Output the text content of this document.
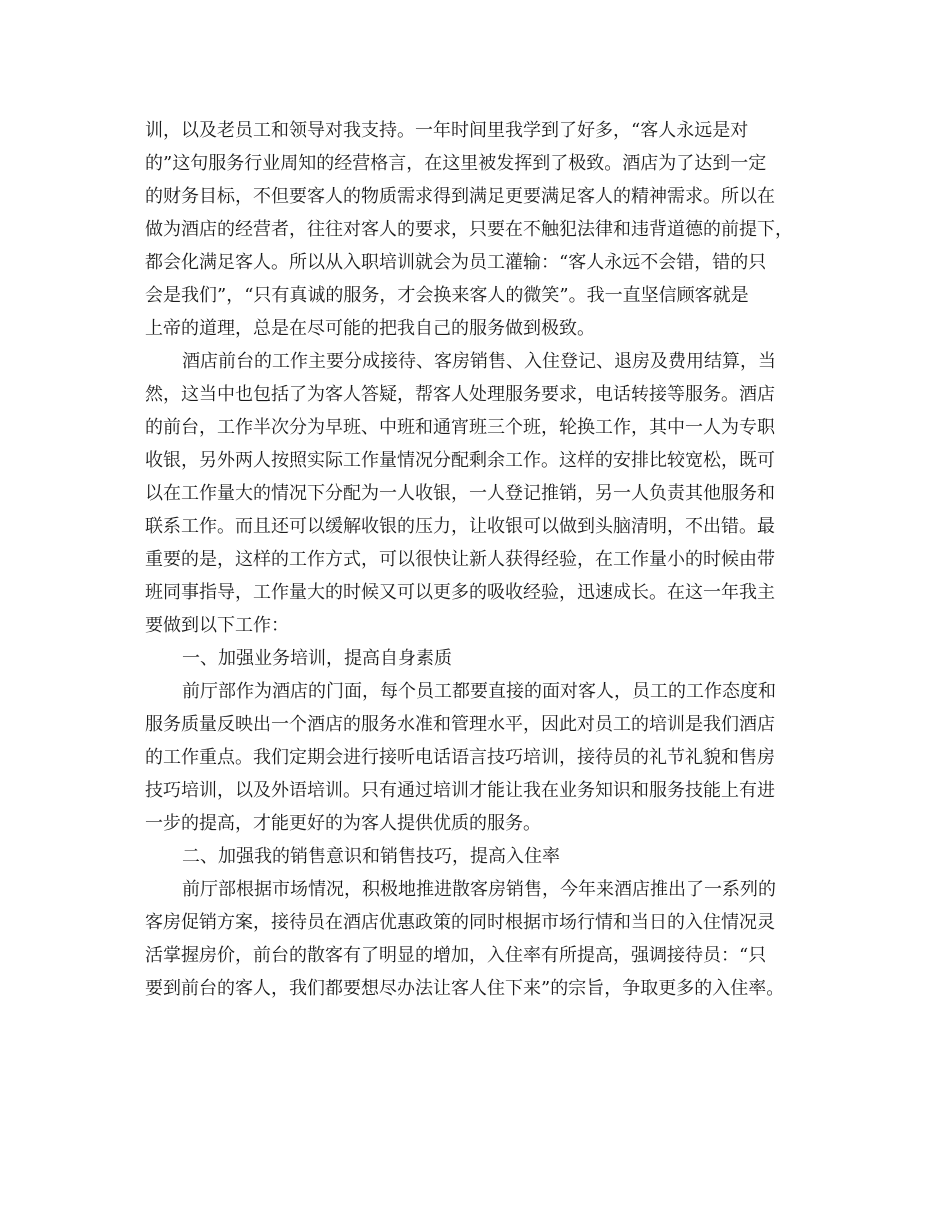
训，以及老员工和领导对我支持。一年时间里我学到了好多，“客人永远是对
的”这句服务行业周知的经营格言，在这里被发挥到了极致。酒店为了达到一定
的财务目标，不但要客人的物质需求得到满足更要满足客人的精神需求。所以在
做为酒店的经营者，往往对客人的要求，只要在不触犯法律和违背道德的前提下，
都会化满足客人。所以从入职培训就会为员工灌输：“客人永远不会错，错的只
会是我们”，“只有真诚的服务，才会换来客人的微笑”。我一直坚信顾客就是
上帝的道理，总是在尽可能的把我自己的服务做到极致。
酒店前台的工作主要分成接待、客房销售、入住登记、退房及费用结算，当
然，这当中也包括了为客人答疑，帮客人处理服务要求，电话转接等服务。酒店
的前台，工作半次分为早班、中班和通宵班三个班，轮换工作，其中一人为专职
收银，另外两人按照实际工作量情况分配剩余工作。这样的安排比较宽松，既可
以在工作量大的情况下分配为一人收银，一人登记推销，另一人负责其他服务和
联系工作。而且还可以缓解收银的压力，让收银可以做到头脑清明，不出错。最
重要的是，这样的工作方式，可以很快让新人获得经验，在工作量小的时候由带
班同事指导，工作量大的时候又可以更多的吸收经验，迅速成长。在这一年我主
要做到以下工作：
一、加强业务培训，提高自身素质
前厅部作为酒店的门面，每个员工都要直接的面对客人，员工的工作态度和
服务质量反映出一个酒店的服务水准和管理水平，因此对员工的培训是我们酒店
的工作重点。我们定期会进行接听电话语言技巧培训，接待员的礼节礼貌和售房
技巧培训，以及外语培训。只有通过培训才能让我在业务知识和服务技能上有进
一步的提高，才能更好的为客人提供优质的服务。
二、加强我的销售意识和销售技巧，提高入住率
前厅部根据市场情况，积极地推进散客房销售，今年来酒店推出了一系列的
客房促销方案，接待员在酒店优惠政策的同时根据市场行情和当日的入住情况灵
活掌握房价，前台的散客有了明显的增加，入住率有所提高，强调接待员：“只
要到前台的客人，我们都要想尽办法让客人住下来”的宗旨，争取更多的入住率。
